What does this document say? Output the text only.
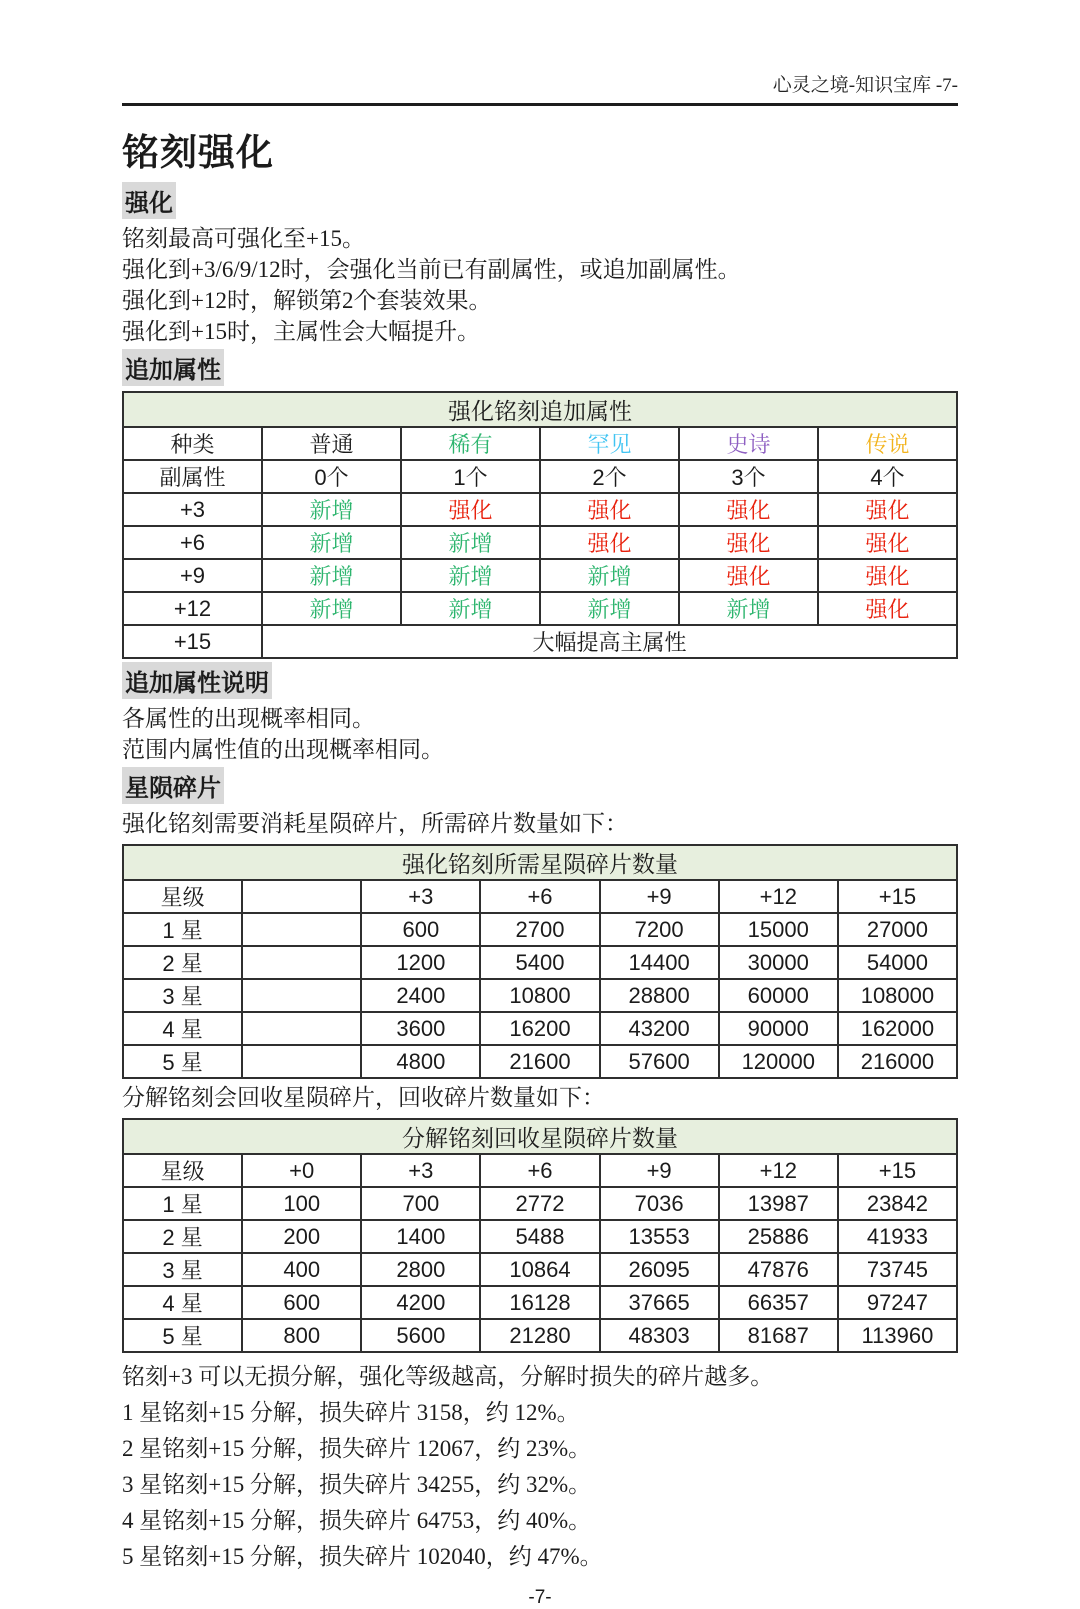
心灵之境-知识宝库 -7-
铭刻强化
强化
铭刻最高可强化至+15。
强化到+3/6/9/12时，会强化当前已有副属性，或追加副属性。
强化到+12时，解锁第2个套装效果。
强化到+15时，主属性会大幅提升。
追加属性
强化铭刻追加属性					
种类	普通	稀有	罕见	史诗	传说
副属性	0个	1个	2个	3个	4个
+3	新增	强化	强化	强化	强化
+6	新增	新增	强化	强化	强化
+9	新增	新增	新增	强化	强化
+12	新增	新增	新增	新增	强化
+15	大幅提高主属性				
追加属性说明
各属性的出现概率相同。
范围内属性值的出现概率相同。
星陨碎片
强化铭刻需要消耗星陨碎片，所需碎片数量如下：
强化铭刻所需星陨碎片数量						
星级		+3	+6	+9	+12	+15
1 星		600	2700	7200	15000	27000
2 星		1200	5400	14400	30000	54000
3 星		2400	10800	28800	60000	108000
4 星		3600	16200	43200	90000	162000
5 星		4800	21600	57600	120000	216000
分解铭刻会回收星陨碎片，回收碎片数量如下：
分解铭刻回收星陨碎片数量						
星级	+0	+3	+6	+9	+12	+15
1 星	100	700	2772	7036	13987	23842
2 星	200	1400	5488	13553	25886	41933
3 星	400	2800	10864	26095	47876	73745
4 星	600	4200	16128	37665	66357	97247
5 星	800	5600	21280	48303	81687	113960
铭刻+3 可以无损分解，强化等级越高，分解时损失的碎片越多。
1 星铭刻+15 分解，损失碎片 3158，约 12%。
2 星铭刻+15 分解，损失碎片 12067，约 23%。
3 星铭刻+15 分解，损失碎片 34255，约 32%。
4 星铭刻+15 分解，损失碎片 64753，约 40%。
5 星铭刻+15 分解，损失碎片 102040，约 47%。
-7-
